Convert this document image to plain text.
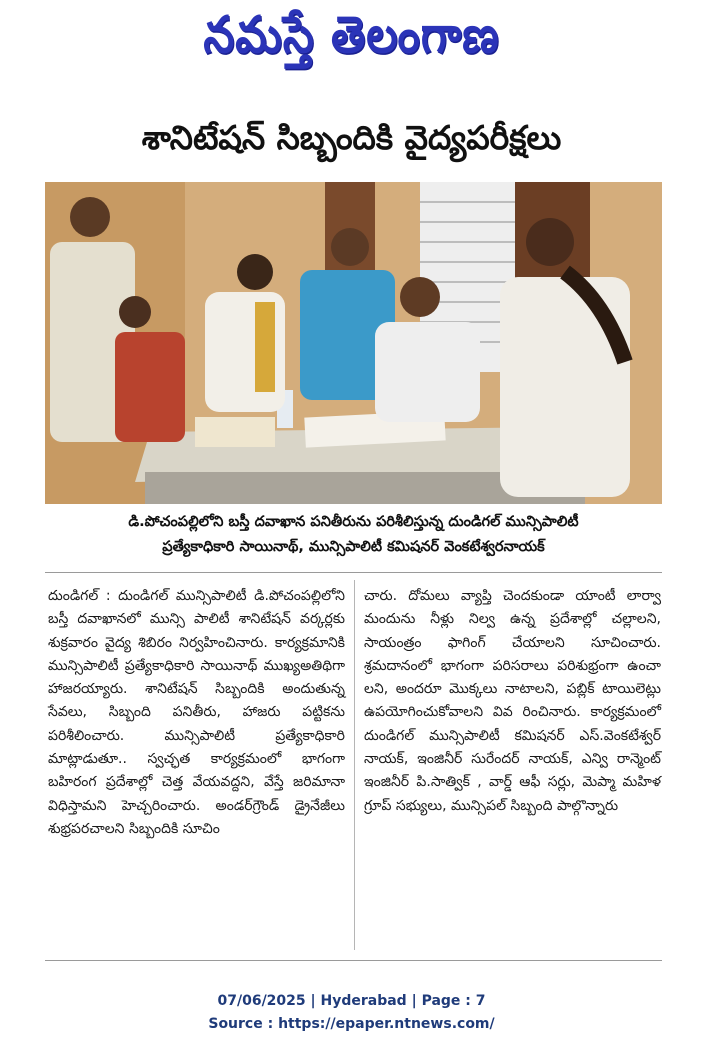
నమస్తే తెలంగాణ
శానిటేషన్ సిబ్బందికి వైద్యపరీక్షలు
డి.పోచంపల్లిలోని బస్తీ దవాఖాన పనితీరును పరిశీలిస్తున్న దుండిగల్ మున్సిపాలిటీ
ప్రత్యేకాధికారి సాయినాథ్, మున్సిపాలిటీ కమిషనర్ వెంకటేశ్వరనాయక్

దుండిగల్ : దుండిగల్ మున్సిపాలిటీ డి.పోచంపల్లిలోని బస్తీ దవాఖానలో మున్సి పాలిటీ శానిటేషన్ వర్కర్లకు శుక్రవారం వైద్య శిబిరం నిర్వహించినారు. కార్యక్రమానికి మున్సిపాలిటీ ప్రత్యేకాధికారి సాయినాథ్ ముఖ్యఅతిథిగా హాజరయ్యారు. శానిటేషన్ సిబ్బందికి అందుతున్న సేవలు, సిబ్బంది పనితీరు, హాజరు పట్టికను పరిశీలించారు. మున్సిపాలిటీ ప్రత్యేకాధికారి మాట్లాడుతూ.. స్వచ్ఛత కార్యక్రమంలో భాగంగా బహిరంగ ప్రదేశాల్లో చెత్త వేయవద్దని, వేస్తే జరిమానా విధిస్తామని హెచ్చరించారు. అండర్‌గ్రౌండ్ డ్రైనేజీలు శుభ్రపరచాలని సిబ్బందికి సూచిం

చారు. దోమలు వ్యాప్తి చెందకుండా యాంటీ లార్వా మందును నీళ్లు నిల్వ ఉన్న ప్రదేశాల్లో చల్లాలని, సాయంత్రం ఫాగింగ్ చేయాలని సూచించారు. శ్రమదానంలో భాగంగా పరిసరాలు పరిశుభ్రంగా ఉంచా లని, అందరూ మొక్కలు నాటాలని, పబ్లిక్ టాయిలెట్లు ఉపయోగించుకోవాలని వివ రించినారు. కార్యక్రమంలో దుండిగల్ మున్సిపాలిటీ కమిషనర్ ఎస్.వెంకటేశ్వర్ నాయక్, ఇంజినీర్ సురేందర్ నాయక్, ఎన్వి రాన్మెంట్ ఇంజినీర్ పి.సాత్విక్ , వార్డ్ ఆఫీ సర్లు, మెప్మా మహిళ గ్రూప్ సభ్యులు, మున్సిపల్ సిబ్బంది పాల్గొన్నారు

07/06/2025 | Hyderabad | Page : 7
Source : https://epaper.ntnews.com/
